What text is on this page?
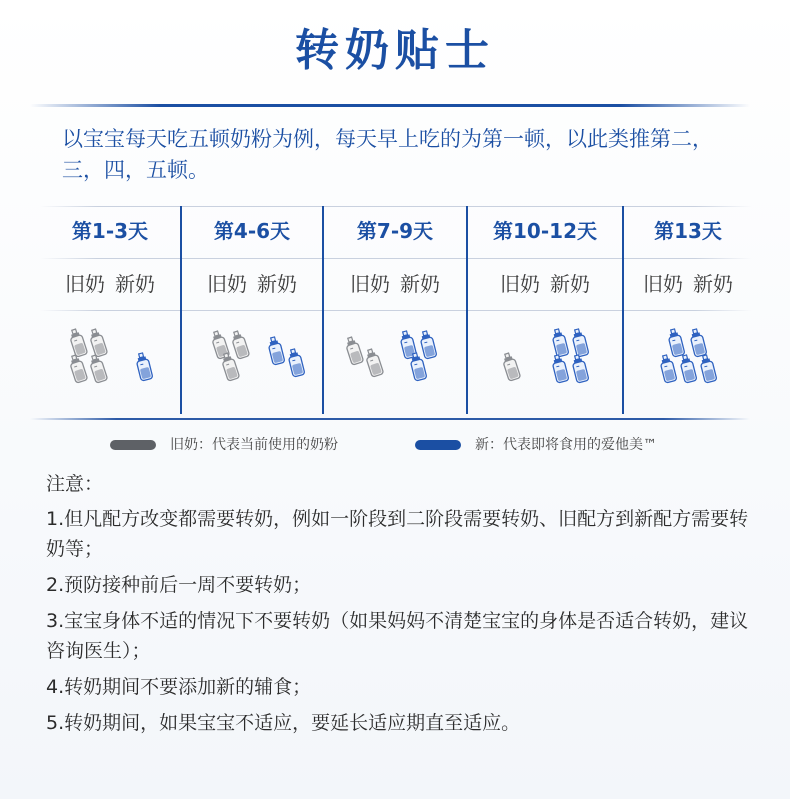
转奶贴士
以宝宝每天吃五顿奶粉为例，每天早上吃的为第一顿，以此类推第二，三，四，五顿。
第1-3天	第4-6天	第7-9天	第10-12天	第13天
旧奶 新奶	旧奶 新奶	旧奶 新奶	旧奶 新奶	旧奶 新奶
旧奶：代表当前使用的奶粉	新：代表即将食用的爱他美™
注意：
1.但凡配方改变都需要转奶，例如一阶段到二阶段需要转奶、旧配方到新配方需要转奶等；
2.预防接种前后一周不要转奶；
3.宝宝身体不适的情况下不要转奶（如果妈妈不清楚宝宝的身体是否适合转奶，建议咨询医生）；
4.转奶期间不要添加新的辅食；
5.转奶期间，如果宝宝不适应，要延长适应期直至适应。
